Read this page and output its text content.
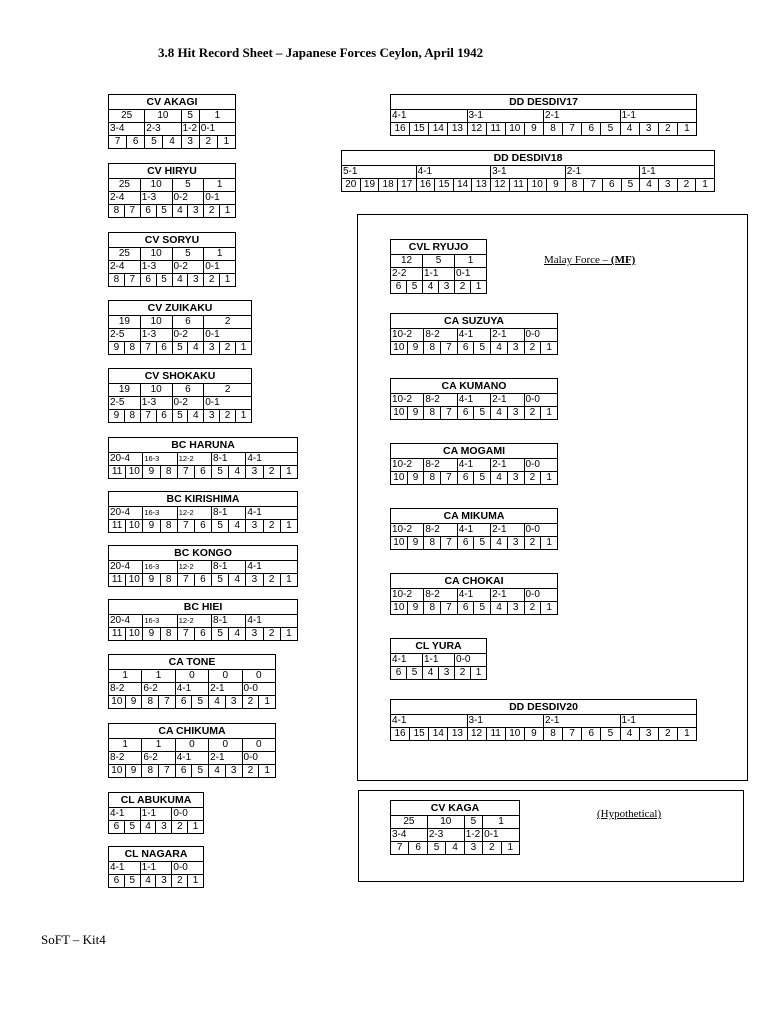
3.8 Hit Record Sheet – Japanese Forces Ceylon, April 1942
Malay Force – (MF)
(Hypothetical)
CV AKAGI						
25		10		5	1	
3-4		2-3		1-2	0-1	
7	6	5	4	3	2	1
CV HIRYU							
25		10		5		1	
2-4		1-3		0-2		0-1	
8	7	6	5	4	3	2	1
CV SORYU							
25		10		5		1	
2-4		1-3		0-2		0-1	
8	7	6	5	4	3	2	1
CV ZUIKAKU								
19		10		6		2		
2-5		1-3		0-2		0-1		
9	8	7	6	5	4	3	2	1
CV SHOKAKU								
19		10		6		2		
2-5		1-3		0-2		0-1		
9	8	7	6	5	4	3	2	1
BC HARUNA										
20-4		16-3		12-2		8-1		4-1		
11	10	9	8	7	6	5	4	3	2	1
BC KIRISHIMA										
20-4		16-3		12-2		8-1		4-1		
11	10	9	8	7	6	5	4	3	2	1
BC KONGO										
20-4		16-3		12-2		8-1		4-1		
11	10	9	8	7	6	5	4	3	2	1
BC HIEI										
20-4		16-3		12-2		8-1		4-1		
11	10	9	8	7	6	5	4	3	2	1
CA TONE									
1		1		0		0		0	
8-2		6-2		4-1		2-1		0-0	
10	9	8	7	6	5	4	3	2	1
CA CHIKUMA									
1		1		0		0		0	
8-2		6-2		4-1		2-1		0-0	
10	9	8	7	6	5	4	3	2	1
CL ABUKUMA					
4-1		1-1		0-0	
6	5	4	3	2	1
CL NAGARA					
4-1		1-1		0-0	
6	5	4	3	2	1
DD DESDIV17															
4-1				3-1				2-1				1-1			
16	15	14	13	12	11	10	9	8	7	6	5	4	3	2	1
DD DESDIV18																			
5-1				4-1				3-1				2-1				1-1			
20	19	18	17	16	15	14	13	12	11	10	9	8	7	6	5	4	3	2	1
CVL RYUJO					
12		5		1	
2-2		1-1		0-1	
6	5	4	3	2	1
CA SUZUYA									
10-2		8-2		4-1		2-1		0-0	
10	9	8	7	6	5	4	3	2	1
CA KUMANO									
10-2		8-2		4-1		2-1		0-0	
10	9	8	7	6	5	4	3	2	1
CA MOGAMI									
10-2		8-2		4-1		2-1		0-0	
10	9	8	7	6	5	4	3	2	1
CA MIKUMA									
10-2		8-2		4-1		2-1		0-0	
10	9	8	7	6	5	4	3	2	1
CA CHOKAI									
10-2		8-2		4-1		2-1		0-0	
10	9	8	7	6	5	4	3	2	1
CL YURA					
4-1		1-1		0-0	
6	5	4	3	2	1
DD DESDIV20															
4-1				3-1				2-1				1-1			
16	15	14	13	12	11	10	9	8	7	6	5	4	3	2	1
CV KAGA						
25		10		5	1	
3-4		2-3		1-2	0-1	
7	6	5	4	3	2	1
SoFT – Kit4
